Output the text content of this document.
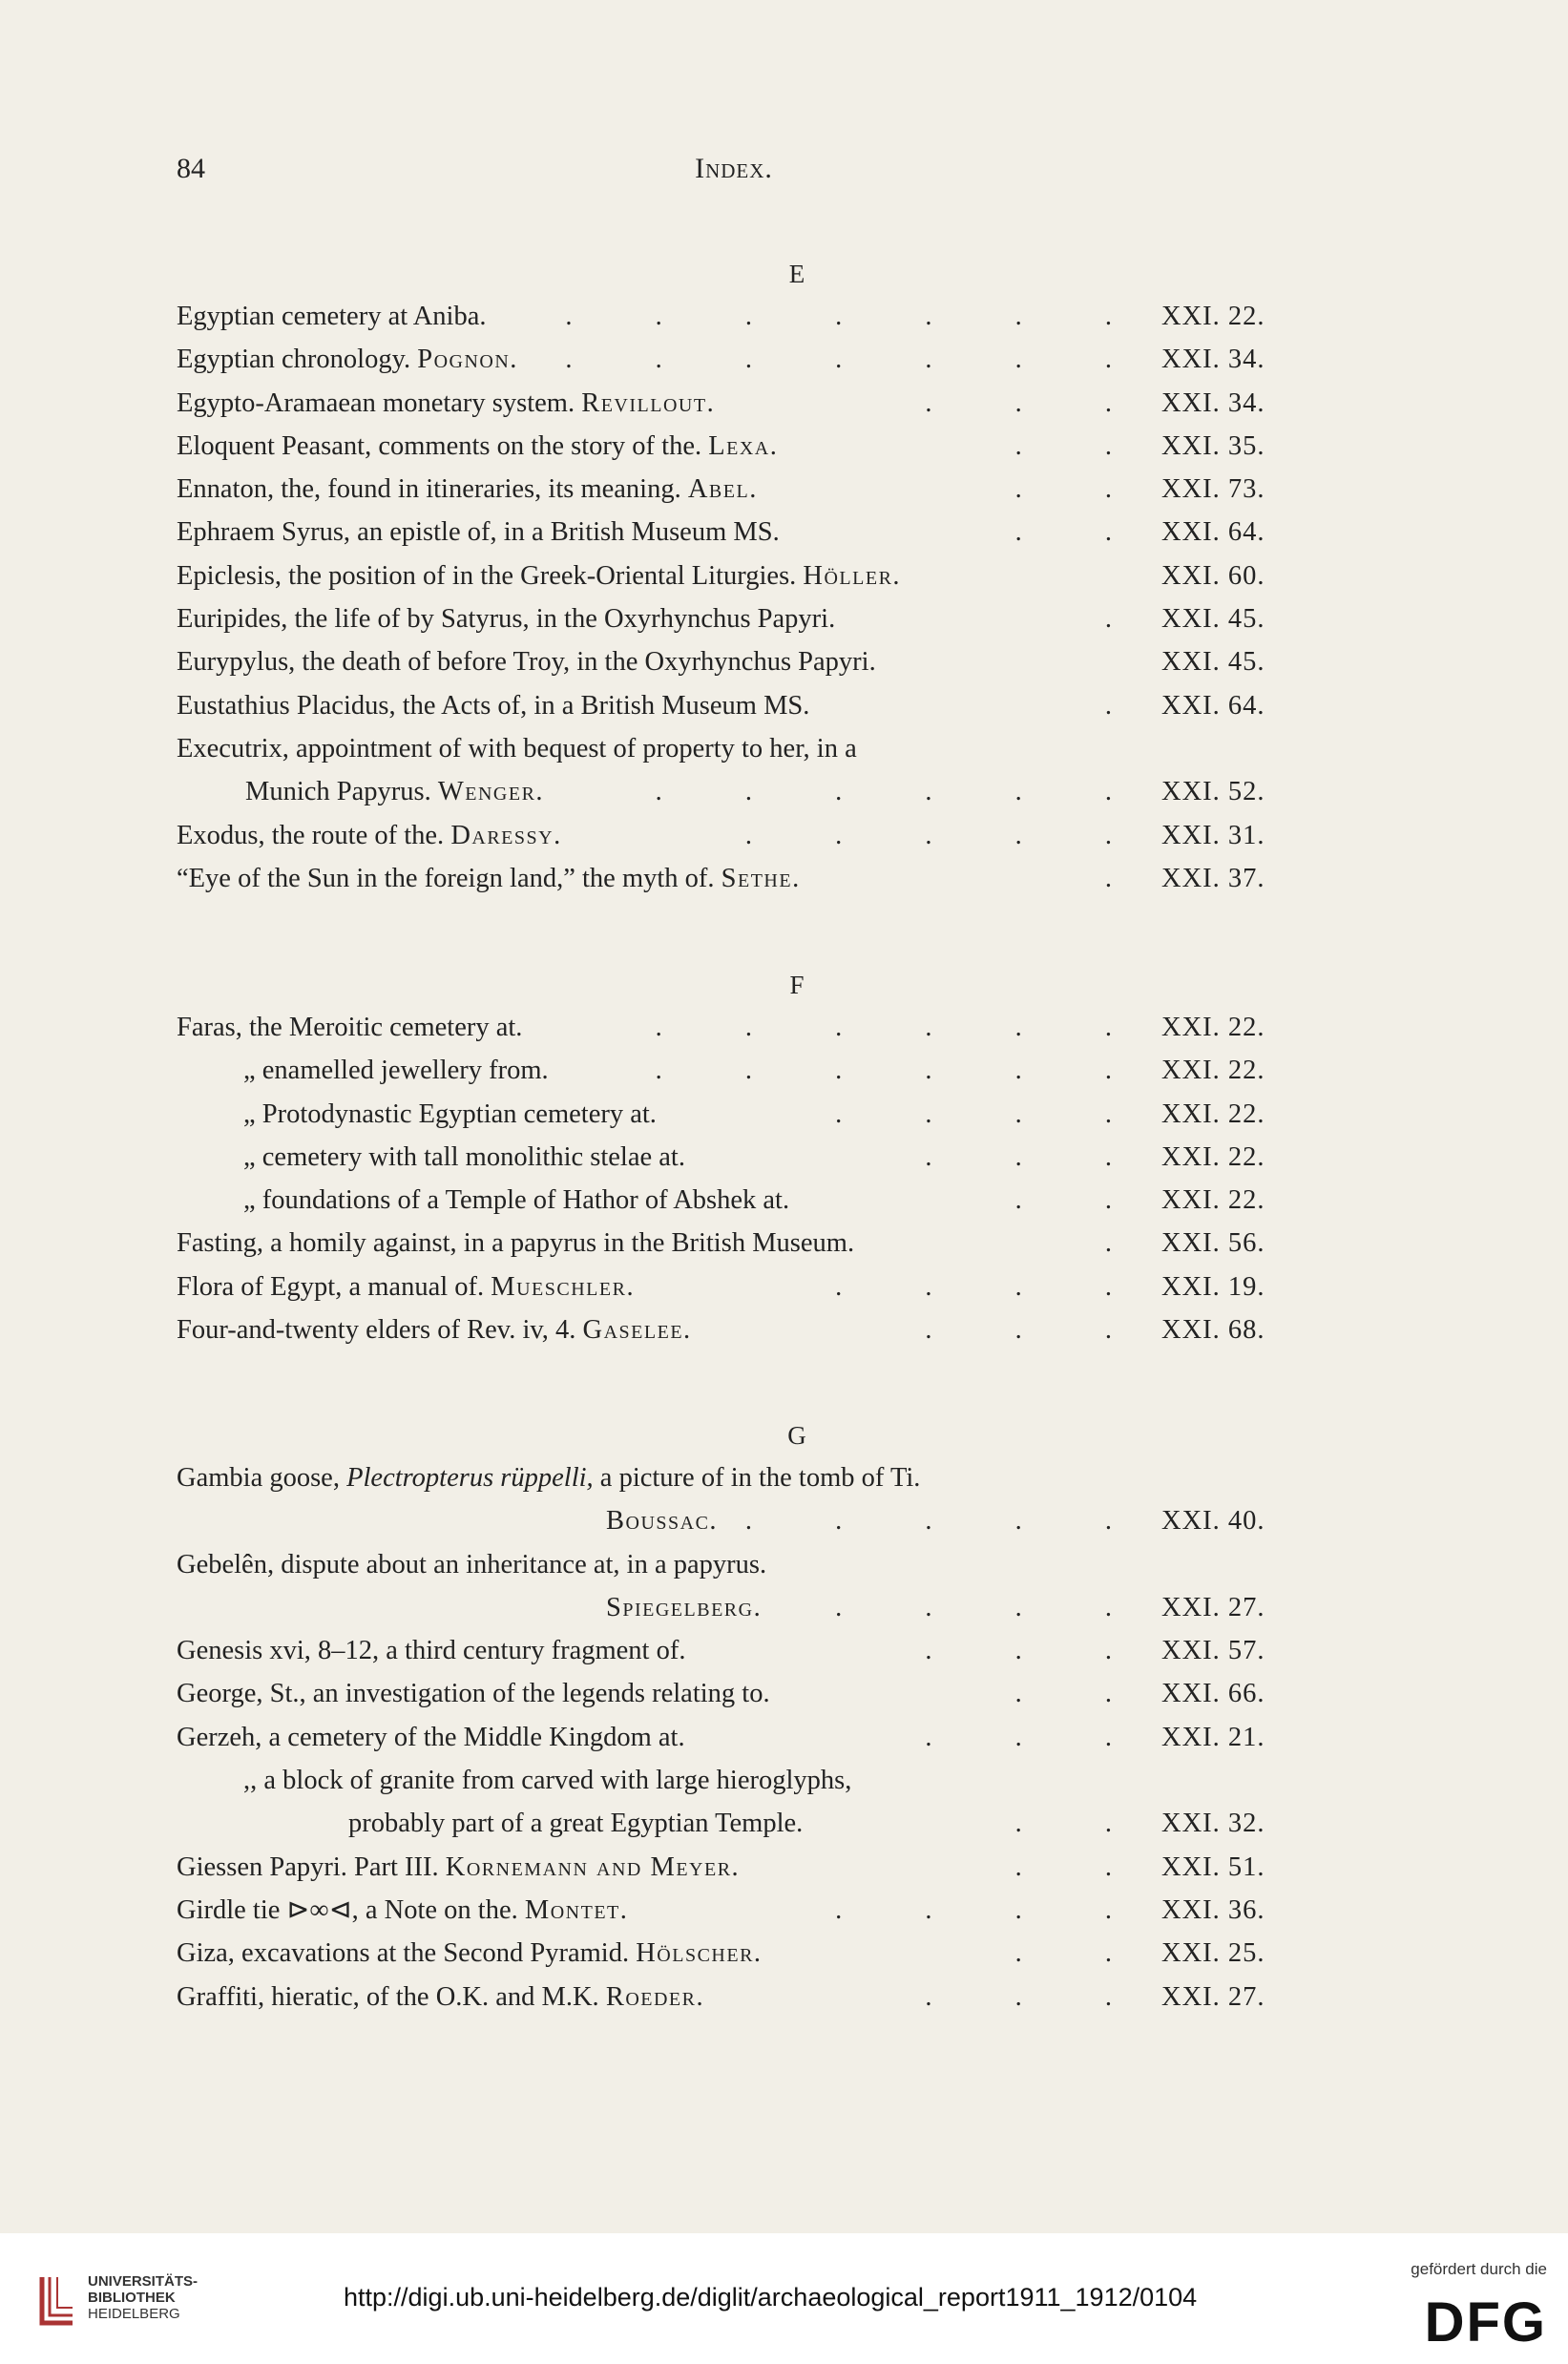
84	Index.
E
Egyptian cemetery at Aniba.	. . . . . . . XXI. 22.
Egyptian chronology. Pognon. . . . . . . . XXI. 34.
Egypto-Aramaean monetary system. Revillout.	. . . XXI. 34.
Eloquent Peasant, comments on the story of the. Lexa.	. . XXI. 35.
Ennaton, the, found in itineraries, its meaning. Abel.	. . XXI. 73.
Ephraem Syrus, an epistle of, in a British Museum MS.	. . XXI. 64.
Epiclesis, the position of in the Greek-Oriental Liturgies. Höller.	XXI. 60.
Euripides, the life of by Satyrus, in the Oxyrhynchus Papyri.	. XXI. 45.
Eurypylus, the death of before Troy, in the Oxyrhynchus Papyri.	XXI. 45.
Eustathius Placidus, the Acts of, in a British Museum MS.	. XXI. 64.
Executrix, appointment of with bequest of property to her, in a
Munich Papyrus. Wenger.	. . . . . . XXI. 52.
Exodus, the route of the. Daressy.	. . . . . XXI. 31.
“Eye of the Sun in the foreign land,” the myth of. Sethe.	. XXI. 37.
F
Faras, the Meroitic cemetery at.	. . . . . . XXI. 22.
„ enamelled jewellery from.	. . . . . . XXI. 22.
„ Protodynastic Egyptian cemetery at.	. . . . XXI. 22.
„ cemetery with tall monolithic stelae at.	. . . XXI. 22.
„ foundations of a Temple of Hathor of Abshek at.	. . XXI. 22.
Fasting, a homily against, in a papyrus in the British Museum.	. XXI. 56.
Flora of Egypt, a manual of. Mueschler.	. . . . XXI. 19.
Four-and-twenty elders of Rev. iv, 4. Gaselee.	. . . XXI. 68.
G
Gambia goose, Plectropterus rüppelli, a picture of in the tomb of Ti.
Boussac. . . . . . XXI. 40.
Gebelên, dispute about an inheritance at, in a papyrus.
Spiegelberg.	. . . . XXI. 27.
Genesis xvi, 8–12, a third century fragment of.	. . . XXI. 57.
George, St., an investigation of the legends relating to.	. . XXI. 66.
Gerzeh, a cemetery of the Middle Kingdom at.	. . . XXI. 21.
,, a block of granite from carved with large hieroglyphs,
probably part of a great Egyptian Temple.	. . XXI. 32.
Giessen Papyri. Part III. Kornemann and Meyer.	. . XXI. 51.
Girdle tie ⊳∞⊲, a Note on the. Montet.	. . . . XXI. 36.
Giza, excavations at the Second Pyramid. Hölscher.	. . XXI. 25.
Graffiti, hieratic, of the O.K. and M.K. Roeder.	. . . XXI. 27.
UNIVERSITÄTS-
BIBLIOTHEK
HEIDELBERG
http://digi.ub.uni-heidelberg.de/diglit/archaeological_report1911_1912/0104
gefördert durch die
DFG
